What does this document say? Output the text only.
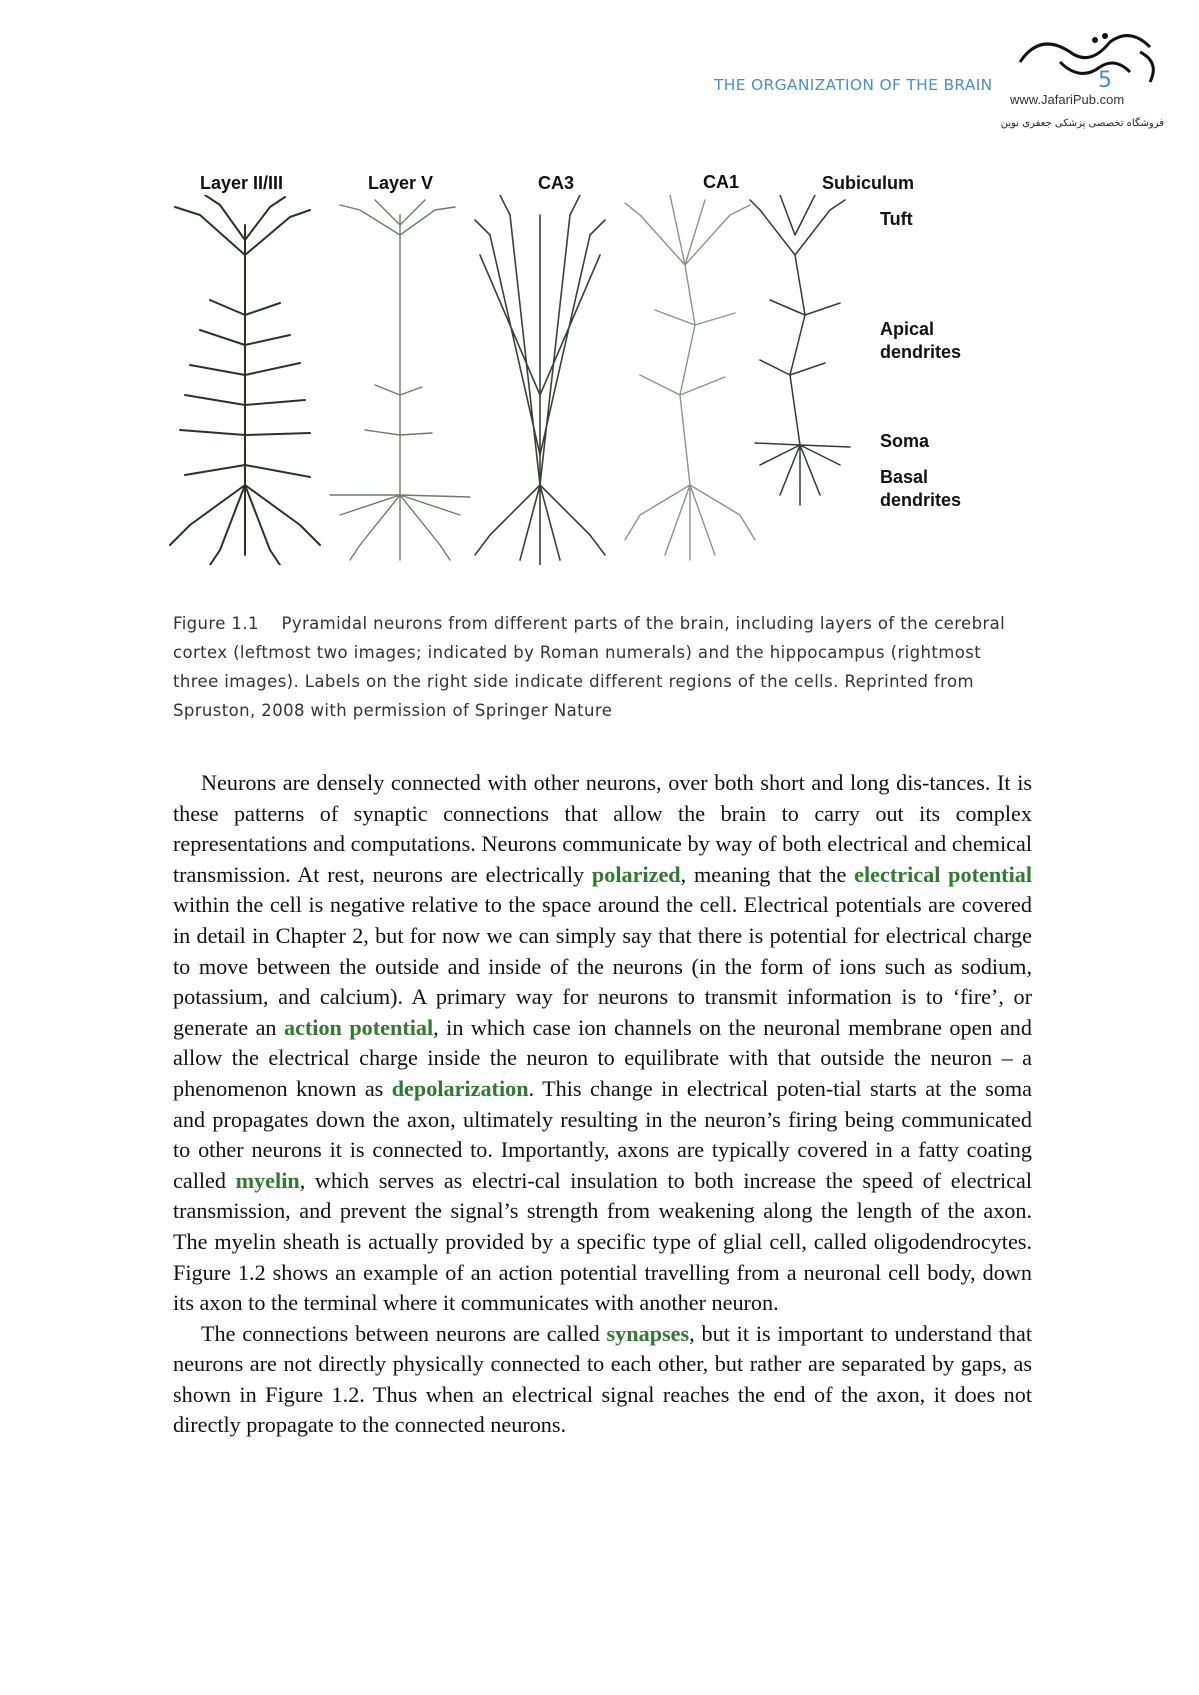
THE ORGANIZATION OF THE BRAIN	5
www.JafariPub.com
فروشگاه تخصصی پزشکی جعفری نوین
Layer II/III	Layer V	CA3	CA1	Subiculum
Tuft
Apical
dendrites
Soma
Basal
dendrites
Figure 1.1 Pyramidal neurons from different parts of the brain, including layers of the cerebral cortex (leftmost two images; indicated by Roman numerals) and the hippocampus (rightmost three images). Labels on the right side indicate different regions of the cells. Reprinted from Spruston, 2008 with permission of Springer Nature

Neurons are densely connected with other neurons, over both short and long dis-tances. It is these patterns of synaptic connections that allow the brain to carry out its complex representations and computations. Neurons communicate by way of both electrical and chemical transmission. At rest, neurons are electrically polarized, meaning that the electrical potential within the cell is negative relative to the space around the cell. Electrical potentials are covered in detail in Chapter 2, but for now we can simply say that there is potential for electrical charge to move between the outside and inside of the neurons (in the form of ions such as sodium, potassium, and calcium). A primary way for neurons to transmit information is to ‘fire’, or generate an action potential, in which case ion channels on the neuronal membrane open and allow the electrical charge inside the neuron to equilibrate with that outside the neuron – a phenomenon known as depolarization. This change in electrical poten-tial starts at the soma and propagates down the axon, ultimately resulting in the neuron’s firing being communicated to other neurons it is connected to. Importantly, axons are typically covered in a fatty coating called myelin, which serves as electri-cal insulation to both increase the speed of electrical transmission, and prevent the signal’s strength from weakening along the length of the axon. The myelin sheath is actually provided by a specific type of glial cell, called oligodendrocytes. Figure 1.2 shows an example of an action potential travelling from a neuronal cell body, down its axon to the terminal where it communicates with another neuron.

The connections between neurons are called synapses, but it is important to understand that neurons are not directly physically connected to each other, but rather are separated by gaps, as shown in Figure 1.2. Thus when an electrical signal reaches the end of the axon, it does not directly propagate to the connected neurons.
